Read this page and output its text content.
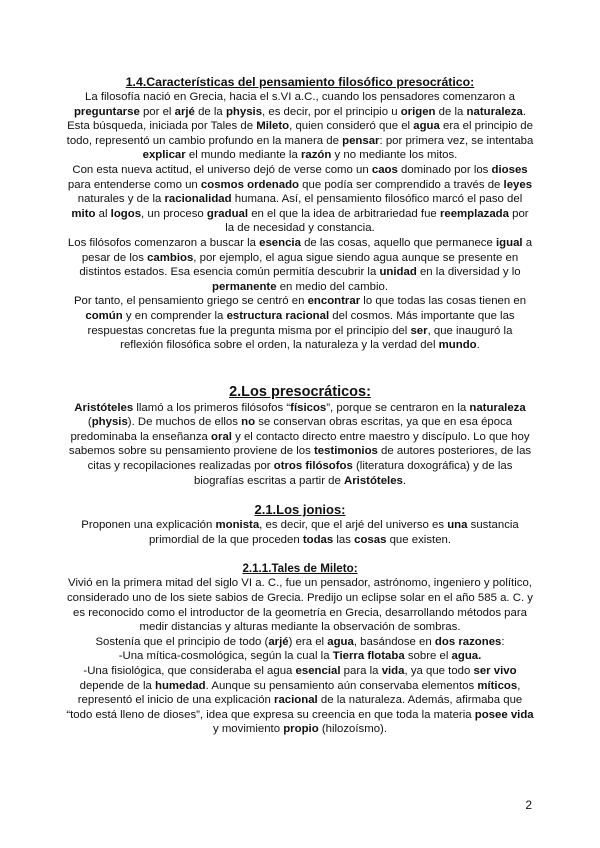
1.4.Características del pensamiento filosófico presocrático:

La filosofía nació en Grecia, hacia el s.VI a.C., cuando los pensadores comenzaron a preguntarse por el arjé de la physis, es decir, por el principio u origen de la naturaleza.

Esta búsqueda, iniciada por Tales de Mileto, quien consideró que el agua era el principio de todo, representó un cambio profundo en la manera de pensar: por primera vez, se intentaba explicar el mundo mediante la razón y no mediante los mitos.

Con esta nueva actitud, el universo dejó de verse como un caos dominado por los dioses para entenderse como un cosmos ordenado que podía ser comprendido a través de leyes naturales y de la racionalidad humana. Así, el pensamiento filosófico marcó el paso del mito al logos, un proceso gradual en el que la idea de arbitrariedad fue reemplazada por la de necesidad y constancia.

Los filósofos comenzaron a buscar la esencia de las cosas, aquello que permanece igual a pesar de los cambios, por ejemplo, el agua sigue siendo agua aunque se presente en distintos estados. Esa esencia común permitía descubrir la unidad en la diversidad y lo permanente en medio del cambio.

Por tanto, el pensamiento griego se centró en encontrar lo que todas las cosas tienen en común y en comprender la estructura racional del cosmos. Más importante que las respuestas concretas fue la pregunta misma por el principio del ser, que inauguró la reflexión filosófica sobre el orden, la naturaleza y la verdad del mundo.

2.Los presocráticos:

Aristóteles llamó a los primeros filósofos “físicos”, porque se centraron en la naturaleza (physis). De muchos de ellos no se conservan obras escritas, ya que en esa época predominaba la enseñanza oral y el contacto directo entre maestro y discípulo. Lo que hoy sabemos sobre su pensamiento proviene de los testimonios de autores posteriores, de las citas y recopilaciones realizadas por otros filósofos (literatura doxográfica) y de las biografías escritas a partir de Aristóteles.

2.1.Los jonios:

Proponen una explicación monista, es decir, que el arjé del universo es una sustancia primordial de la que proceden todas las cosas que existen.

2.1.1.Tales de Mileto:

Vivió en la primera mitad del siglo VI a. C., fue un pensador, astrónomo, ingeniero y político, considerado uno de los siete sabios de Grecia. Predijo un eclipse solar en el año 585 a. C. y es reconocido como el introductor de la geometría en Grecia, desarrollando métodos para medir distancias y alturas mediante la observación de sombras.

Sostenía que el principio de todo (arjé) era el agua, basándose en dos razones:

-Una mítica-cosmológica, según la cual la Tierra flotaba sobre el agua.

-Una fisiológica, que consideraba el agua esencial para la vida, ya que todo ser vivo depende de la humedad. Aunque su pensamiento aún conservaba elementos míticos, representó el inicio de una explicación racional de la naturaleza. Además, afirmaba que “todo está lleno de dioses”, idea que expresa su creencia en que toda la materia posee vida y movimiento propio (hilozoísmo).

2
